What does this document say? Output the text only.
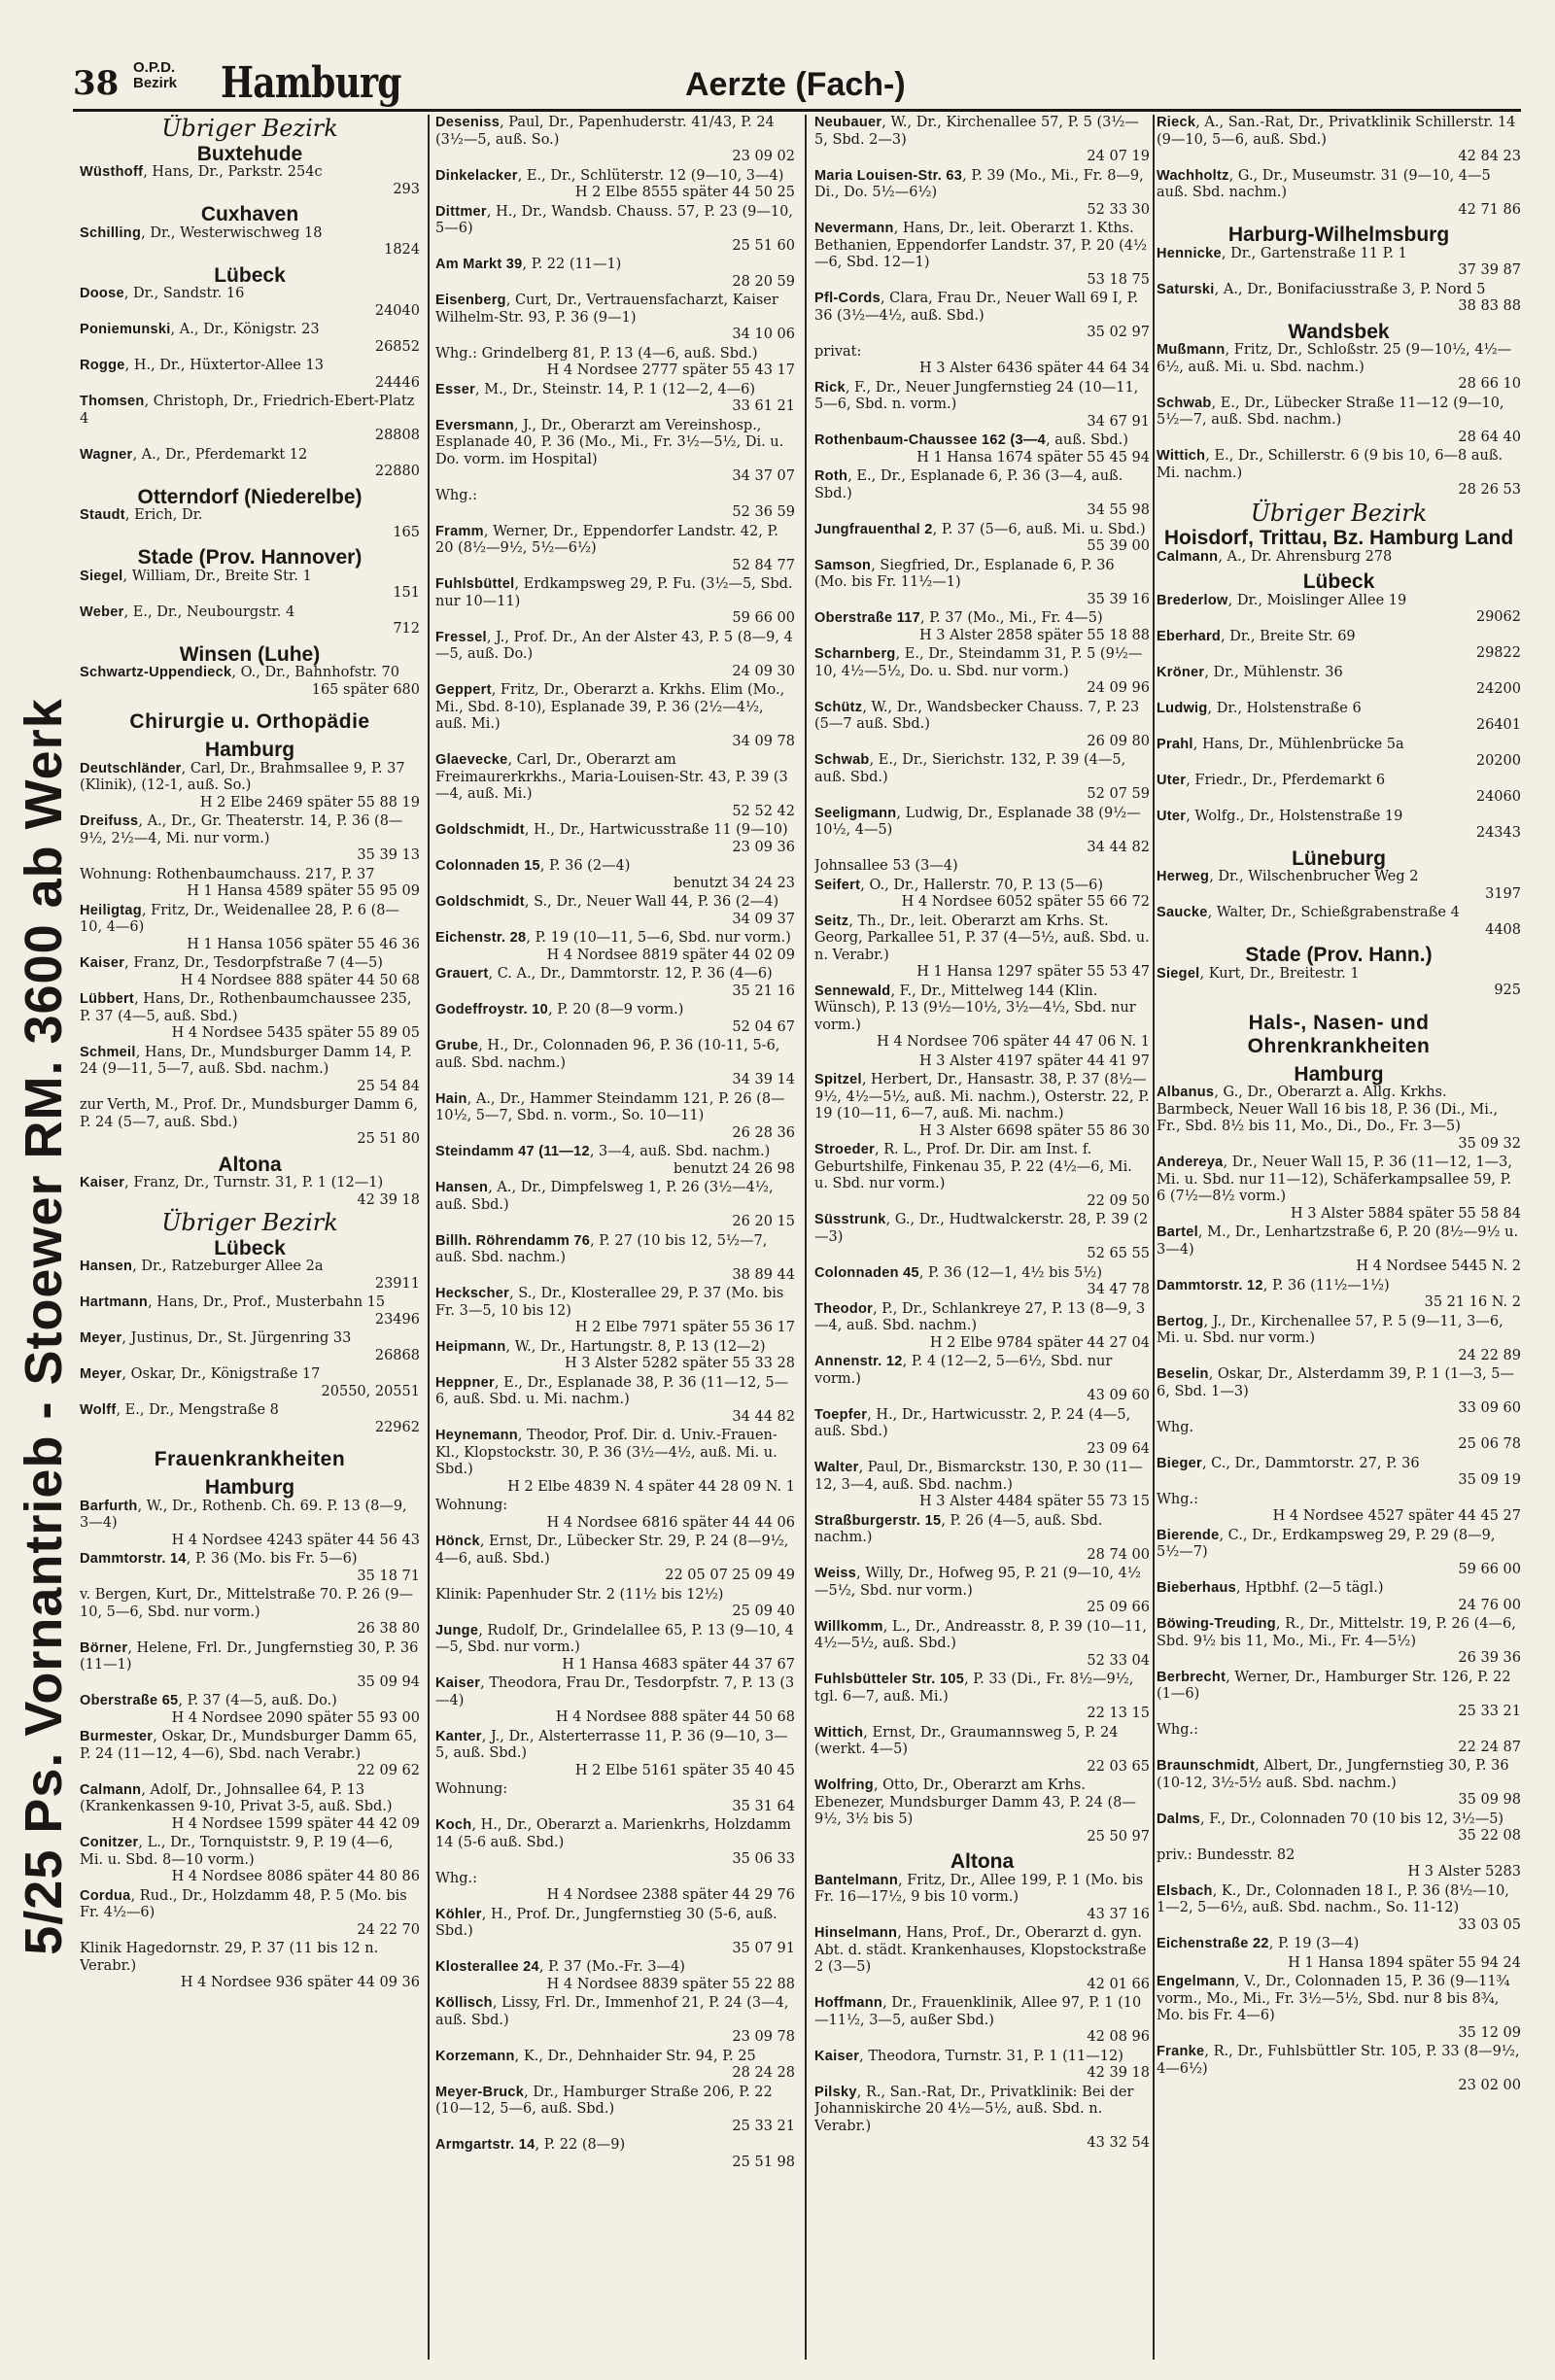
38 O.P.D.
Bezirk Hamburg	Aerzte (Fach-)
5/25 Ps. Vornantrieb - Stoewer RM. 3600 ab Werk
Übriger Bezirk
Buxtehude
Wüsthoff, Hans, Dr., Parkstr. 254c
293
Cuxhaven
Schilling, Dr., Westerwischweg 18
1824
Lübeck
Doose, Dr., Sandstr. 16
24040
Poniemunski, A., Dr., Königstr. 23
26852
Rogge, H., Dr., Hüxtertor-Allee 13
24446
Thomsen, Christoph, Dr., Friedrich-Ebert-Platz 4
28808
Wagner, A., Dr., Pferdemarkt 12
22880
Otterndorf (Niederelbe)
Staudt, Erich, Dr.
165
Stade (Prov. Hannover)
Siegel, William, Dr., Breite Str. 1
151
Weber, E., Dr., Neubourgstr. 4
712
Winsen (Luhe)
Schwartz-Uppendieck, O., Dr., Bahnhofstr. 70
165 später 680
Chirurgie u. Orthopädie
Hamburg
Deutschländer, Carl, Dr., Brahmsallee 9, P. 37 (Klinik), (12-1, auß. So.)
H 2 Elbe 2469 später 55 88 19
Dreifuss, A., Dr., Gr. Theaterstr. 14, P. 36 (8—9½, 2½—4, Mi. nur vorm.)
35 39 13
Wohnung: Rothenbaumchauss. 217, P. 37
H 1 Hansa 4589 später 55 95 09
Heiligtag, Fritz, Dr., Weidenallee 28, P. 6 (8—10, 4—6)
H 1 Hansa 1056 später 55 46 36
Kaiser, Franz, Dr., Tesdorpfstraße 7 (4—5)
H 4 Nordsee 888 später 44 50 68
Lübbert, Hans, Dr., Rothenbaumchaussee 235, P. 37 (4—5, auß. Sbd.)
H 4 Nordsee 5435 später 55 89 05
Schmeil, Hans, Dr., Mundsburger Damm 14, P. 24 (9—11, 5—7, auß. Sbd. nachm.)
25 54 84
zur Verth, M., Prof. Dr., Mundsburger Damm 6, P. 24 (5—7, auß. Sbd.)
25 51 80
Altona
Kaiser, Franz, Dr., Turnstr. 31, P. 1 (12—1)
42 39 18
Übriger Bezirk
Lübeck
Hansen, Dr., Ratzeburger Allee 2a
23911
Hartmann, Hans, Dr., Prof., Musterbahn 15
23496
Meyer, Justinus, Dr., St. Jürgenring 33
26868
Meyer, Oskar, Dr., Königstraße 17
20550, 20551
Wolff, E., Dr., Mengstraße 8
22962
Frauenkrankheiten
Hamburg
Barfurth, W., Dr., Rothenb. Ch. 69. P. 13 (8—9, 3—4)
H 4 Nordsee 4243 später 44 56 43
Dammtorstr. 14, P. 36 (Mo. bis Fr. 5—6)
35 18 71
v. Bergen, Kurt, Dr., Mittelstraße 70. P. 26 (9—10, 5—6, Sbd. nur vorm.)
26 38 80
Börner, Helene, Frl. Dr., Jungfernstieg 30, P. 36 (11—1)
35 09 94
Oberstraße 65, P. 37 (4—5, auß. Do.)
H 4 Nordsee 2090 später 55 93 00
Burmester, Oskar, Dr., Mundsburger Damm 65, P. 24 (11—12, 4—6), Sbd. nach Verabr.)
22 09 62
Calmann, Adolf, Dr., Johnsallee 64, P. 13 (Krankenkassen 9-10, Privat 3-5, auß. Sbd.)
H 4 Nordsee 1599 später 44 42 09
Conitzer, L., Dr., Tornquiststr. 9, P. 19 (4—6, Mi. u. Sbd. 8—10 vorm.)
H 4 Nordsee 8086 später 44 80 86
Cordua, Rud., Dr., Holzdamm 48, P. 5 (Mo. bis Fr. 4½—6)
24 22 70
Klinik Hagedornstr. 29, P. 37 (11 bis 12 n. Verabr.)
H 4 Nordsee 936 später 44 09 36
Deseniss, Paul, Dr., Papenhuderstr. 41/43, P. 24 (3½—5, auß. So.)
23 09 02
Dinkelacker, E., Dr., Schlüterstr. 12 (9—10, 3—4)
H 2 Elbe 8555 später 44 50 25
Dittmer, H., Dr., Wandsb. Chauss. 57, P. 23 (9—10, 5—6)
25 51 60
Am Markt 39, P. 22 (11—1)
28 20 59
Eisenberg, Curt, Dr., Vertrauensfacharzt, Kaiser Wilhelm-Str. 93, P. 36 (9—1)
34 10 06
Whg.: Grindelberg 81, P. 13 (4—6, auß. Sbd.)
H 4 Nordsee 2777 später 55 43 17
Esser, M., Dr., Steinstr. 14, P. 1 (12—2, 4—6)
33 61 21
Eversmann, J., Dr., Oberarzt am Vereinshosp., Esplanade 40, P. 36 (Mo., Mi., Fr. 3½—5½, Di. u. Do. vorm. im Hospital)
34 37 07
Whg.:
52 36 59
Framm, Werner, Dr., Eppendorfer Landstr. 42, P. 20 (8½—9½, 5½—6½)
52 84 77
Fuhlsbüttel, Erdkampsweg 29, P. Fu. (3½—5, Sbd. nur 10—11)
59 66 00
Fressel, J., Prof. Dr., An der Alster 43, P. 5 (8—9, 4—5, auß. Do.)
24 09 30
Geppert, Fritz, Dr., Oberarzt a. Krkhs. Elim (Mo., Mi., Sbd. 8-10), Esplanade 39, P. 36 (2½—4½, auß. Mi.)
34 09 78
Glaevecke, Carl, Dr., Oberarzt am Freimaurerkrkhs., Maria-Louisen-Str. 43, P. 39 (3—4, auß. Mi.)
52 52 42
Goldschmidt, H., Dr., Hartwicusstraße 11 (9—10)
23 09 36
Colonnaden 15, P. 36 (2—4)
benutzt 34 24 23
Goldschmidt, S., Dr., Neuer Wall 44, P. 36 (2—4)
34 09 37
Eichenstr. 28, P. 19 (10—11, 5—6, Sbd. nur vorm.)
H 4 Nordsee 8819 später 44 02 09
Grauert, C. A., Dr., Dammtorstr. 12, P. 36 (4—6)
35 21 16
Godeffroystr. 10, P. 20 (8—9 vorm.)
52 04 67
Grube, H., Dr., Colonnaden 96, P. 36 (10-11, 5-6, auß. Sbd. nachm.)
34 39 14
Hain, A., Dr., Hammer Steindamm 121, P. 26 (8—10½, 5—7, Sbd. n. vorm., So. 10—11)
26 28 36
Steindamm 47 (11—12, 3—4, auß. Sbd. nachm.)
benutzt 24 26 98
Hansen, A., Dr., Dimpfelsweg 1, P. 26 (3½—4½, auß. Sbd.)
26 20 15
Billh. Röhrendamm 76, P. 27 (10 bis 12, 5½—7, auß. Sbd. nachm.)
38 89 44
Heckscher, S., Dr., Klosterallee 29, P. 37 (Mo. bis Fr. 3—5, 10 bis 12)
H 2 Elbe 7971 später 55 36 17
Heipmann, W., Dr., Hartungstr. 8, P. 13 (12—2)
H 3 Alster 5282 später 55 33 28
Heppner, E., Dr., Esplanade 38, P. 36 (11—12, 5—6, auß. Sbd. u. Mi. nachm.)
34 44 82
Heynemann, Theodor, Prof. Dir. d. Univ.-Frauen-Kl., Klopstockstr. 30, P. 36 (3½—4½, auß. Mi. u. Sbd.)
H 2 Elbe 4839 N. 4 später 44 28 09 N. 1
Wohnung:
H 4 Nordsee 6816 später 44 44 06
Hönck, Ernst, Dr., Lübecker Str. 29, P. 24 (8—9½, 4—6, auß. Sbd.)
22 05 07 25 09 49
Klinik: Papenhuder Str. 2 (11½ bis 12½)
25 09 40
Junge, Rudolf, Dr., Grindelallee 65, P. 13 (9—10, 4—5, Sbd. nur vorm.)
H 1 Hansa 4683 später 44 37 67
Kaiser, Theodora, Frau Dr., Tesdorpfstr. 7, P. 13 (3—4)
H 4 Nordsee 888 später 44 50 68
Kanter, J., Dr., Alsterterrasse 11, P. 36 (9—10, 3—5, auß. Sbd.)
H 2 Elbe 5161 später 35 40 45
Wohnung:
35 31 64
Koch, H., Dr., Oberarzt a. Marienkrhs, Holzdamm 14 (5-6 auß. Sbd.)
35 06 33
Whg.:
H 4 Nordsee 2388 später 44 29 76
Köhler, H., Prof. Dr., Jungfernstieg 30 (5-6, auß. Sbd.)
35 07 91
Klosterallee 24, P. 37 (Mo.-Fr. 3—4)
H 4 Nordsee 8839 später 55 22 88
Köllisch, Lissy, Frl. Dr., Immenhof 21, P. 24 (3—4, auß. Sbd.)
23 09 78
Korzemann, K., Dr., Dehnhaider Str. 94, P. 25
28 24 28
Meyer-Bruck, Dr., Hamburger Straße 206, P. 22 (10—12, 5—6, auß. Sbd.)
25 33 21
Armgartstr. 14, P. 22 (8—9)
25 51 98
Neubauer, W., Dr., Kirchenallee 57, P. 5 (3½—5, Sbd. 2—3)
24 07 19
Maria Louisen-Str. 63, P. 39 (Mo., Mi., Fr. 8—9, Di., Do. 5½—6½)
52 33 30
Nevermann, Hans, Dr., leit. Oberarzt 1. Kths. Bethanien, Eppendorfer Landstr. 37, P. 20 (4½—6, Sbd. 12—1)
53 18 75
Pfl-Cords, Clara, Frau Dr., Neuer Wall 69 I, P. 36 (3½—4½, auß. Sbd.)
35 02 97
privat:
H 3 Alster 6436 später 44 64 34
Rick, F., Dr., Neuer Jungfernstieg 24 (10—11, 5—6, Sbd. n. vorm.)
34 67 91
Rothenbaum-Chaussee 162 (3—4, auß. Sbd.)
H 1 Hansa 1674 später 55 45 94
Roth, E., Dr., Esplanade 6, P. 36 (3—4, auß. Sbd.)
34 55 98
Jungfrauenthal 2, P. 37 (5—6, auß. Mi. u. Sbd.)
55 39 00
Samson, Siegfried, Dr., Esplanade 6, P. 36 (Mo. bis Fr. 11½—1)
35 39 16
Oberstraße 117, P. 37 (Mo., Mi., Fr. 4—5)
H 3 Alster 2858 später 55 18 88
Scharnberg, E., Dr., Steindamm 31, P. 5 (9½—10, 4½—5½, Do. u. Sbd. nur vorm.)
24 09 96
Schütz, W., Dr., Wandsbecker Chauss. 7, P. 23 (5—7 auß. Sbd.)
26 09 80
Schwab, E., Dr., Sierichstr. 132, P. 39 (4—5, auß. Sbd.)
52 07 59
Seeligmann, Ludwig, Dr., Esplanade 38 (9½—10½, 4—5)
34 44 82
Johnsallee 53 (3—4)
Seifert, O., Dr., Hallerstr. 70, P. 13 (5—6)
H 4 Nordsee 6052 später 55 66 72
Seitz, Th., Dr., leit. Oberarzt am Krhs. St. Georg, Parkallee 51, P. 37 (4—5½, auß. Sbd. u. n. Verabr.)
H 1 Hansa 1297 später 55 53 47
Sennewald, F., Dr., Mittelweg 144 (Klin. Wünsch), P. 13 (9½—10½, 3½—4½, Sbd. nur vorm.)
H 4 Nordsee 706 später 44 47 06 N. 1
H 3 Alster 4197 später 44 41 97
Spitzel, Herbert, Dr., Hansastr. 38, P. 37 (8½—9½, 4½—5½, auß. Mi. nachm.), Osterstr. 22, P. 19 (10—11, 6—7, auß. Mi. nachm.)
H 3 Alster 6698 später 55 86 30
Stroeder, R. L., Prof. Dr. Dir. am Inst. f. Geburtshilfe, Finkenau 35, P. 22 (4½—6, Mi. u. Sbd. nur vorm.)
22 09 50
Süsstrunk, G., Dr., Hudtwalckerstr. 28, P. 39 (2—3)
52 65 55
Colonnaden 45, P. 36 (12—1, 4½ bis 5½)
34 47 78
Theodor, P., Dr., Schlankreye 27, P. 13 (8—9, 3—4, auß. Sbd. nachm.)
H 2 Elbe 9784 später 44 27 04
Annenstr. 12, P. 4 (12—2, 5—6½, Sbd. nur vorm.)
43 09 60
Toepfer, H., Dr., Hartwicusstr. 2, P. 24 (4—5, auß. Sbd.)
23 09 64
Walter, Paul, Dr., Bismarckstr. 130, P. 30 (11—12, 3—4, auß. Sbd. nachm.)
H 3 Alster 4484 später 55 73 15
Straßburgerstr. 15, P. 26 (4—5, auß. Sbd. nachm.)
28 74 00
Weiss, Willy, Dr., Hofweg 95, P. 21 (9—10, 4½—5½, Sbd. nur vorm.)
25 09 66
Willkomm, L., Dr., Andreasstr. 8, P. 39 (10—11, 4½—5½, auß. Sbd.)
52 33 04
Fuhlsbütteler Str. 105, P. 33 (Di., Fr. 8½—9½, tgl. 6—7, auß. Mi.)
22 13 15
Wittich, Ernst, Dr., Graumannsweg 5, P. 24 (werkt. 4—5)
22 03 65
Wolfring, Otto, Dr., Oberarzt am Krhs. Ebenezer, Mundsburger Damm 43, P. 24 (8—9½, 3½ bis 5)
25 50 97
Altona
Bantelmann, Fritz, Dr., Allee 199, P. 1 (Mo. bis Fr. 16—17½, 9 bis 10 vorm.)
43 37 16
Hinselmann, Hans, Prof., Dr., Oberarzt d. gyn. Abt. d. städt. Krankenhauses, Klopstockstraße 2 (3—5)
42 01 66
Hoffmann, Dr., Frauenklinik, Allee 97, P. 1 (10—11½, 3—5, außer Sbd.)
42 08 96
Kaiser, Theodora, Turnstr. 31, P. 1 (11—12)
42 39 18
Pilsky, R., San.-Rat, Dr., Privatklinik: Bei der Johanniskirche 20 4½—5½, auß. Sbd. n. Verabr.)
43 32 54
Rieck, A., San.-Rat, Dr., Privatklinik Schillerstr. 14 (9—10, 5—6, auß. Sbd.)
42 84 23
Wachholtz, G., Dr., Museumstr. 31 (9—10, 4—5 auß. Sbd. nachm.)
42 71 86
Harburg-Wilhelmsburg
Hennicke, Dr., Gartenstraße 11 P. 1
37 39 87
Saturski, A., Dr., Bonifaciusstraße 3, P. Nord 5
38 83 88
Wandsbek
Mußmann, Fritz, Dr., Schloßstr. 25 (9—10½, 4½—6½, auß. Mi. u. Sbd. nachm.)
28 66 10
Schwab, E., Dr., Lübecker Straße 11—12 (9—10, 5½—7, auß. Sbd. nachm.)
28 64 40
Wittich, E., Dr., Schillerstr. 6 (9 bis 10, 6—8 auß. Mi. nachm.)
28 26 53
Übriger Bezirk
Hoisdorf, Trittau, Bz. Hamburg Land
Calmann, A., Dr. Ahrensburg 278
Lübeck
Brederlow, Dr., Moislinger Allee 19
29062
Eberhard, Dr., Breite Str. 69
29822
Kröner, Dr., Mühlenstr. 36
24200
Ludwig, Dr., Holstenstraße 6
26401
Prahl, Hans, Dr., Mühlenbrücke 5a
20200
Uter, Friedr., Dr., Pferdemarkt 6
24060
Uter, Wolfg., Dr., Holstenstraße 19
24343
Lüneburg
Herweg, Dr., Wilschenbrucher Weg 2
3197
Saucke, Walter, Dr., Schießgrabenstraße 4
4408
Stade (Prov. Hann.)
Siegel, Kurt, Dr., Breitestr. 1
925
Hals-, Nasen- und Ohrenkrankheiten
Hamburg
Albanus, G., Dr., Oberarzt a. Allg. Krkhs. Barmbeck, Neuer Wall 16 bis 18, P. 36 (Di., Mi., Fr., Sbd. 8½ bis 11, Mo., Di., Do., Fr. 3—5)
35 09 32
Andereya, Dr., Neuer Wall 15, P. 36 (11—12, 1—3, Mi. u. Sbd. nur 11—12), Schäferkampsallee 59, P. 6 (7½—8½ vorm.)
H 3 Alster 5884 später 55 58 84
Bartel, M., Dr., Lenhartzstraße 6, P. 20 (8½—9½ u. 3—4)
H 4 Nordsee 5445 N. 2
Dammtorstr. 12, P. 36 (11½—1½)
35 21 16 N. 2
Bertog, J., Dr., Kirchenallee 57, P. 5 (9—11, 3—6, Mi. u. Sbd. nur vorm.)
24 22 89
Beselin, Oskar, Dr., Alsterdamm 39, P. 1 (1—3, 5—6, Sbd. 1—3)
33 09 60
Whg.
25 06 78
Bieger, C., Dr., Dammtorstr. 27, P. 36
35 09 19
Whg.:
H 4 Nordsee 4527 später 44 45 27
Bierende, C., Dr., Erdkampsweg 29, P. 29 (8—9, 5½—7)
59 66 00
Bieberhaus, Hptbhf. (2—5 tägl.)
24 76 00
Böwing-Treuding, R., Dr., Mittelstr. 19, P. 26 (4—6, Sbd. 9½ bis 11, Mo., Mi., Fr. 4—5½)
26 39 36
Berbrecht, Werner, Dr., Hamburger Str. 126, P. 22 (1—6)
25 33 21
Whg.:
22 24 87
Braunschmidt, Albert, Dr., Jungfernstieg 30, P. 36 (10-12, 3½-5½ auß. Sbd. nachm.)
35 09 98
Dalms, F., Dr., Colonnaden 70 (10 bis 12, 3½—5)
35 22 08
priv.: Bundesstr. 82
H 3 Alster 5283
Elsbach, K., Dr., Colonnaden 18 I., P. 36 (8½—10, 1—2, 5—6½, auß. Sbd. nachm., So. 11-12)
33 03 05
Eichenstraße 22, P. 19 (3—4)
H 1 Hansa 1894 später 55 94 24
Engelmann, V., Dr., Colonnaden 15, P. 36 (9—11¾ vorm., Mo., Mi., Fr. 3½—5½, Sbd. nur 8 bis 8¾, Mo. bis Fr. 4—6)
35 12 09
Franke, R., Dr., Fuhlsbüttler Str. 105, P. 33 (8—9½, 4—6½)
23 02 00
